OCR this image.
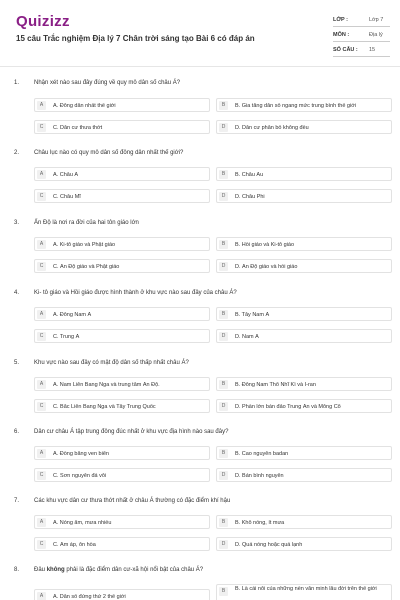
Quizizz
15 câu Trắc nghiệm Địa lý 7 Chân trời sáng tạo Bài 6 có đáp án
LỚP :	Lớp 7
MÔN :	Địa lý
SỐ CÂU : 15
1. Nhận xét nào sau đây đúng về quy mô dân số châu Á?
A	A. Đông dân nhất thế giới	B	B. Gia tăng dân số ngang mức trung bình thế giới
C	C. Dân cư thưa thớt	D	D. Dân cư phân bố không đều
2. Châu lục nào có quy mô dân số đông dân nhất thế giới?
A	A. Châu Á	B	B. Châu Âu
C	C. Châu Mĩ	D	D. Châu Phi
3. Ấn Độ là nơi ra đời của hai tôn giáo lớn
A	A. Ki-tô giáo và Phật giáo	B	B. Hồi giáo và Ki-tô giáo
C	C. Ấn Độ giáo và Phật giáo	D	D. Ấn Độ giáo và hồi giáo
4. Ki- tô giáo và Hồi giáo được hình thành ở khu vực nào sau đây của châu Á?
A	A. Đông Nam Á	B	B. Tây Nam Á
C	C. Trung Á	D	D. Nam Á
5. Khu vực nào sau đây có mật độ dân số thấp nhất châu Á?
A	A. Nam Liên Bang Nga và trung tâm Ấn Độ.	B	B. Đông Nam Thổ Nhĩ Kì và I-ran
C	C. Bắc Liên Bang Nga và Tây Trung Quốc	D	D. Phần lớn bán đảo Trung Ấn và Mông Cổ
6. Dân cư châu Á tập trung đông đúc nhất ở khu vực địa hình nào sau đây?
A	A. Đồng bằng ven biển	B	B. Cao nguyên badan
C	C. Sơn nguyên đá vôi	D	D. Bán bình nguyên
7. Các khu vực dân cư thưa thớt nhất ở châu Á thường có đặc điểm khí hậu
A	A. Nóng ẩm, mưa nhiều	B	B. Khô nóng, ít mưa
C	C. Ấm áp, ôn hòa	D	D. Quá nóng hoặc quá lạnh
8. Đâu không phải là đặc điểm dân cư-xã hội nổi bật của châu Á?
A	A. Dân số đứng thứ 2 thế giới
B	B. Là cái nôi của những nền văn minh lâu đời trên thế giới
